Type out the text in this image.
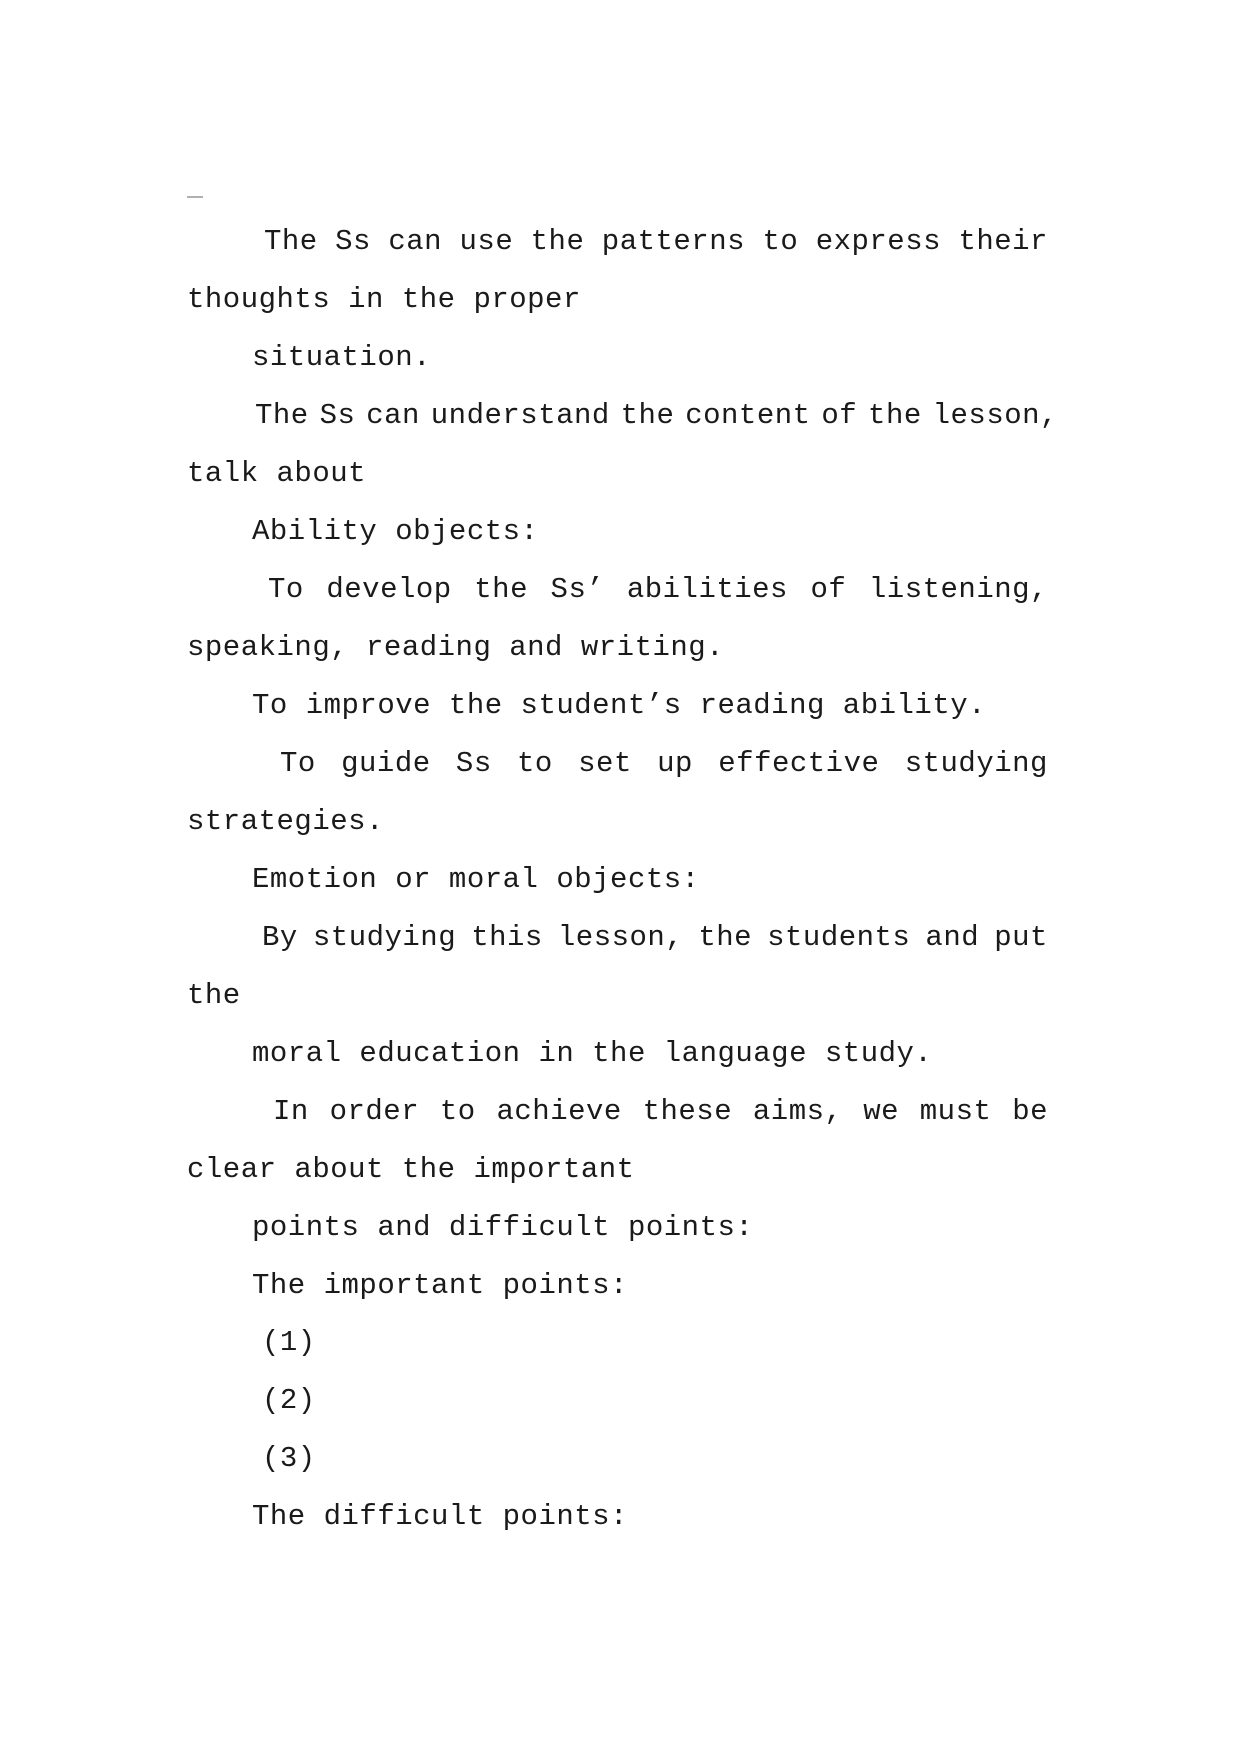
The Ss can use the patterns to express their
thoughts in the proper
situation.
The Ss can understand the content of the lesson,
talk about
Ability objects:
To develop the Ss’ abilities of listening,
speaking, reading and writing.
To improve the student’s reading ability.
To guide Ss to set up effective studying
strategies.
Emotion or moral objects:
By studying this lesson, the students and put
the
moral education in the language study.
In order to achieve these aims, we must be
clear about the important
points and difficult points:
The important points:
(1)
(2)
(3)
The difficult points:
